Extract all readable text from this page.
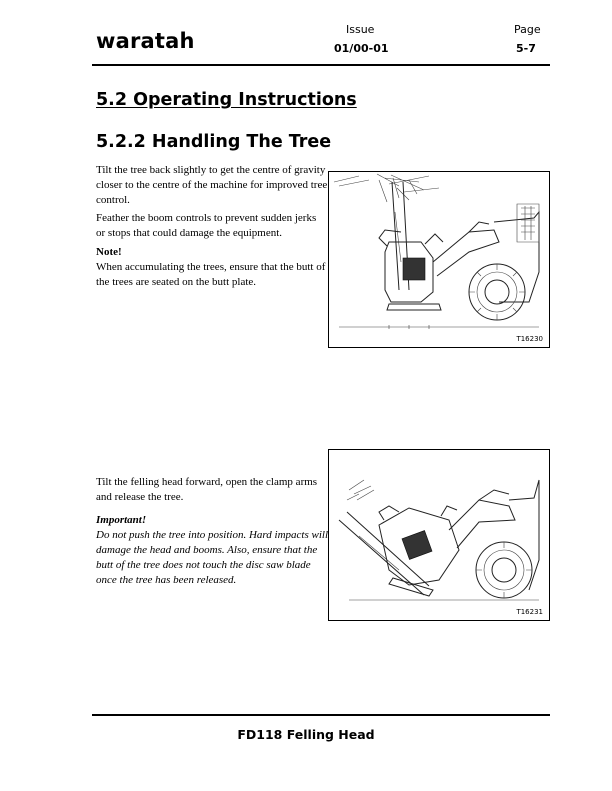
waratah	Issue
01/00-01
Page
5-7
5.2 Operating Instructions
5.2.2 Handling The Tree
Tilt the tree back slightly to get the centre of gravity closer to the centre of the machine for improved tree control.
Feather the boom controls to prevent sudden jerks or stops that could damage the equipment.
Note!
When accumulating the trees, ensure that the butt of the trees are seated on the butt plate.
T16230
Tilt the felling head forward, open the clamp arms and release the tree.
Important!
Do not push the tree into position. Hard impacts will damage the head and booms. Also, ensure that the butt of the tree does not touch the disc saw blade once the tree has been released.
T16231
FD118 Felling Head
